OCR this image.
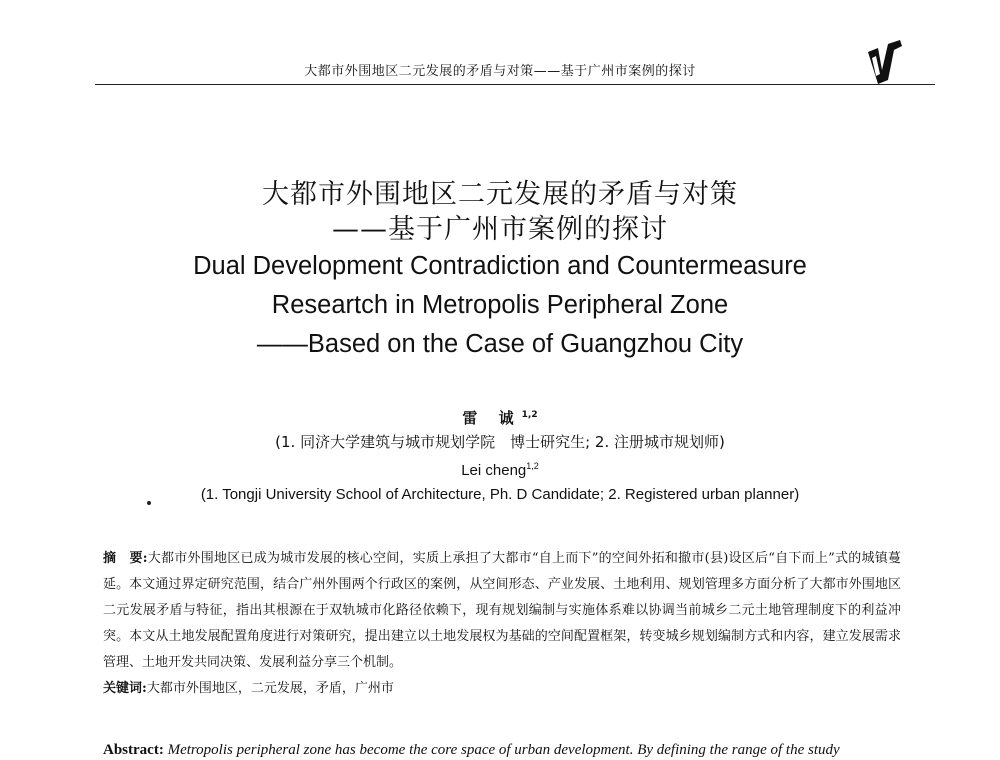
大都市外围地区二元发展的矛盾与对策——基于广州市案例的探讨
大都市外围地区二元发展的矛盾与对策
——基于广州市案例的探讨
Dual Development Contradiction and Countermeasure
Researtch in Metropolis Peripheral Zone
——Based on the Case of Guangzhou City
雷 诚$^{1,2}$
(1. 同济大学建筑与城市规划学院　博士研究生; 2. 注册城市规划师)
Lei cheng$^{1,2}$
(1. Tongji University School of Architecture, Ph. D Candidate; 2. Registered urban planner)
摘　要:大都市外围地区已成为城市发展的核心空间，实质上承担了大都市“自上而下”的空间外拓和撤市(县)设区后“自下而上”式的城镇蔓延。本文通过界定研究范围，结合广州外围两个行政区的案例，从空间形态、产业发展、土地利用、规划管理多方面分析了大都市外围地区二元发展矛盾与特征，指出其根源在于双轨城市化路径依赖下，现有规划编制与实施体系难以协调当前城乡二元土地管理制度下的利益冲突。本文从土地发展配置角度进行对策研究，提出建立以土地发展权为基础的空间配置框架，转变城乡规划编制方式和内容，建立发展需求管理、土地开发共同决策、发展利益分享三个机制。
关键词:大都市外围地区，二元发展，矛盾，广州市
Abstract: Metropolis peripheral zone has become the core space of urban development. By defining the range of the study
